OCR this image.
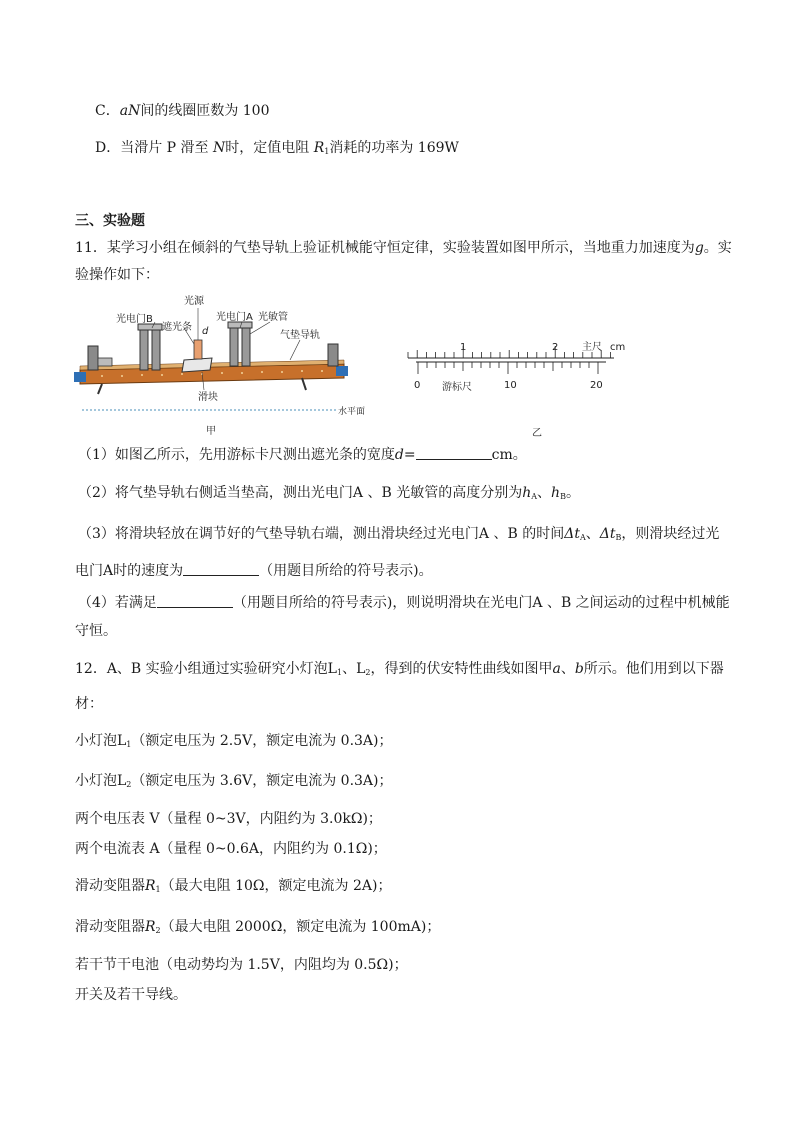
C．aN间的线圈匝数为 100
D．当滑片 P 滑至 N时，定值电阻 $R_1$消耗的功率为 169W
三、实验题
11．某学习小组在倾斜的气垫导轨上验证机械能守恒定律，实验装置如图甲所示，当地重力加速度为g。实
验操作如下：
光电门B
光源
光电门A 光敏管
遮光条 d	气垫导轨
滑块
水平面
甲
1	2 主尺 cm
0	10	20
游标尺
乙
（1）如图乙所示，先用游标卡尺测出遮光条的宽度d=	cm。
（2）将气垫导轨右侧适当垫高，测出光电门A 、B 光敏管的高度分别为$h_A$、$h_B$。
（3）将滑块轻放在调节好的气垫导轨右端，测出滑块经过光电门A 、B 的时间$\Delta t_A$、$\Delta t_B$，则滑块经过光
电门A时的速度为	（用题目所给的符号表示)。
（4）若满足	（用题目所给的符号表示)，则说明滑块在光电门A 、B 之间运动的过程中机械能
守恒。
12．A、B 实验小组通过实验研究小灯泡$L_1$、$L_2$，得到的伏安特性曲线如图甲a、b所示。他们用到以下器
材：
小灯泡$L_1$（额定电压为 2.5V，额定电流为 0.3A)；
小灯泡$L_2$（额定电压为 3.6V，额定电流为 0.3A)；
两个电压表 V（量程 0~3V，内阻约为 3.0kΩ)；
两个电流表 A（量程 0~0.6A，内阻约为 0.1Ω)；
滑动变阻器$R_1$（最大电阻 10Ω，额定电流为 2A)；
滑动变阻器$R_2$（最大电阻 2000Ω，额定电流为 100mA)；
若干节干电池（电动势均为 1.5V，内阻均为 0.5Ω)；
开关及若干导线。
